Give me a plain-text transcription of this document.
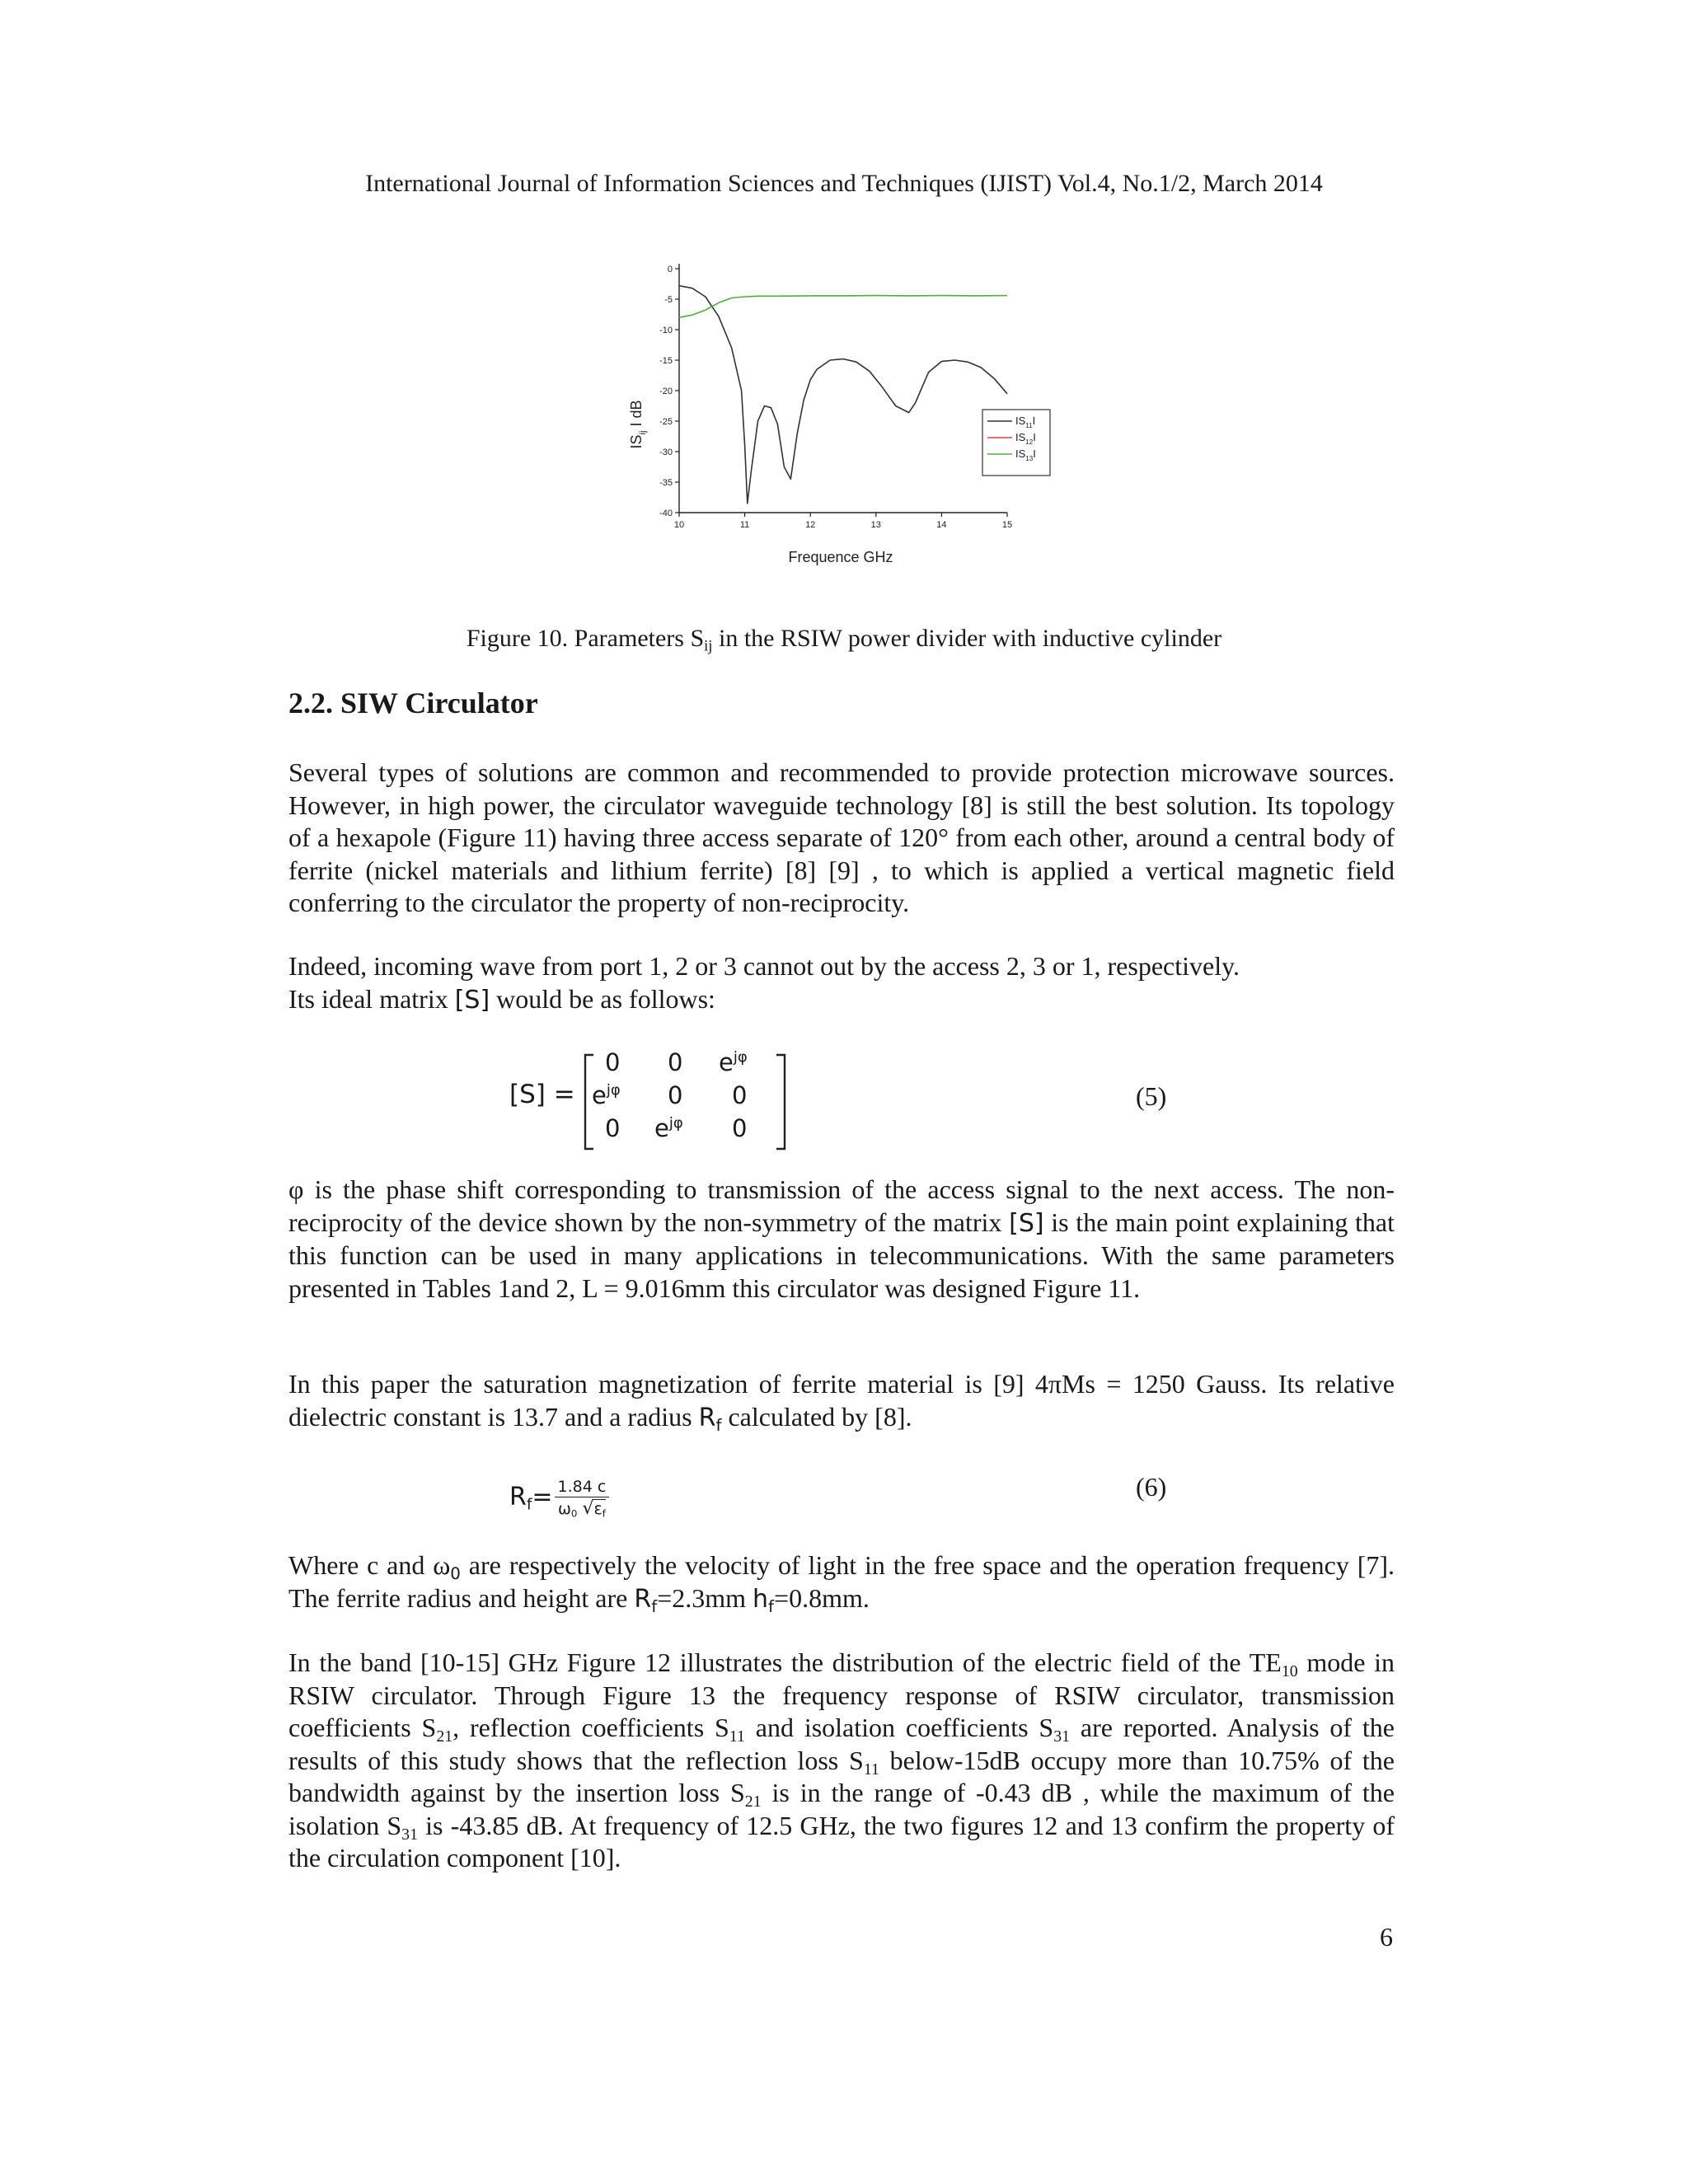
International Journal of Information Sciences and Techniques (IJIST) Vol.4, No.1/2, March 2014
0
-5
-10
-15
-20
-25
-30
-35
-40
10	11	12	13	14	15
$IS_{11}I$
$IS_{12}I$
$IS_{13}I$
$IS_{ij}$ I dB
Frequence GHz
Figure 10. Parameters $S_{ij}$ in the RSIW power divider with inductive cylinder
2.2. SIW Circulator
Several types of solutions are common and recommended to provide protection microwave sources. However, in high power, the circulator waveguide technology [8] is still the best solution. Its topology of a hexapole (Figure 11) having three access separate of 120° from each other, around a central body of ferrite (nickel materials and lithium ferrite) [8] [9] , to which is applied a vertical magnetic field conferring to the circulator the property of non-reciprocity.

Indeed, incoming wave from port 1, 2 or 3 cannot out by the access 2, 3 or 1, respectively.

Its ideal matrix [S] would be as follows:

[S] =
0 0 $e^{j\varphi}$
$e^{j\varphi}$ 0 0
0 $e^{j\varphi}$ 0
(5)
φ is the phase shift corresponding to transmission of the access signal to the next access. The non-reciprocity of the device shown by the non-symmetry of the matrix [S] is the main point explaining that this function can be used in many applications in telecommunications. With the same parameters presented in Tables 1and 2, L = 9.016mm this circulator was designed Figure 11.
In this paper the saturation magnetization of ferrite material is [9] 4πMs = 1250 Gauss. Its relative dielectric constant is 13.7 and a radius $R_f$ calculated by [8].
$R_f= \frac{1.84 c}{\omega_0 √\varepsilon_f}$	(6)
Where c and $\omega_0$ are respectively the velocity of light in the free space and the operation frequency [7]. The ferrite radius and height are $R_f=2.3mm$ $h_f=0.8mm$.
In the band [10-15] GHz Figure 12 illustrates the distribution of the electric field of the $TE_{10}$ mode in RSIW circulator. Through Figure 13 the frequency response of RSIW circulator, transmission coefficients $S_{21}$, reflection coefficients $S_{11}$ and isolation coefficients $S_{31}$ are reported. Analysis of the results of this study shows that the reflection loss $S_{11}$ below-15dB occupy more than 10.75% of the bandwidth against by the insertion loss $S_{21}$ is in the range of -0.43 dB , while the maximum of the isolation $S_{31}$ is -43.85 dB. At frequency of 12.5 GHz, the two figures 12 and 13 confirm the property of the circulation component [10].
6
